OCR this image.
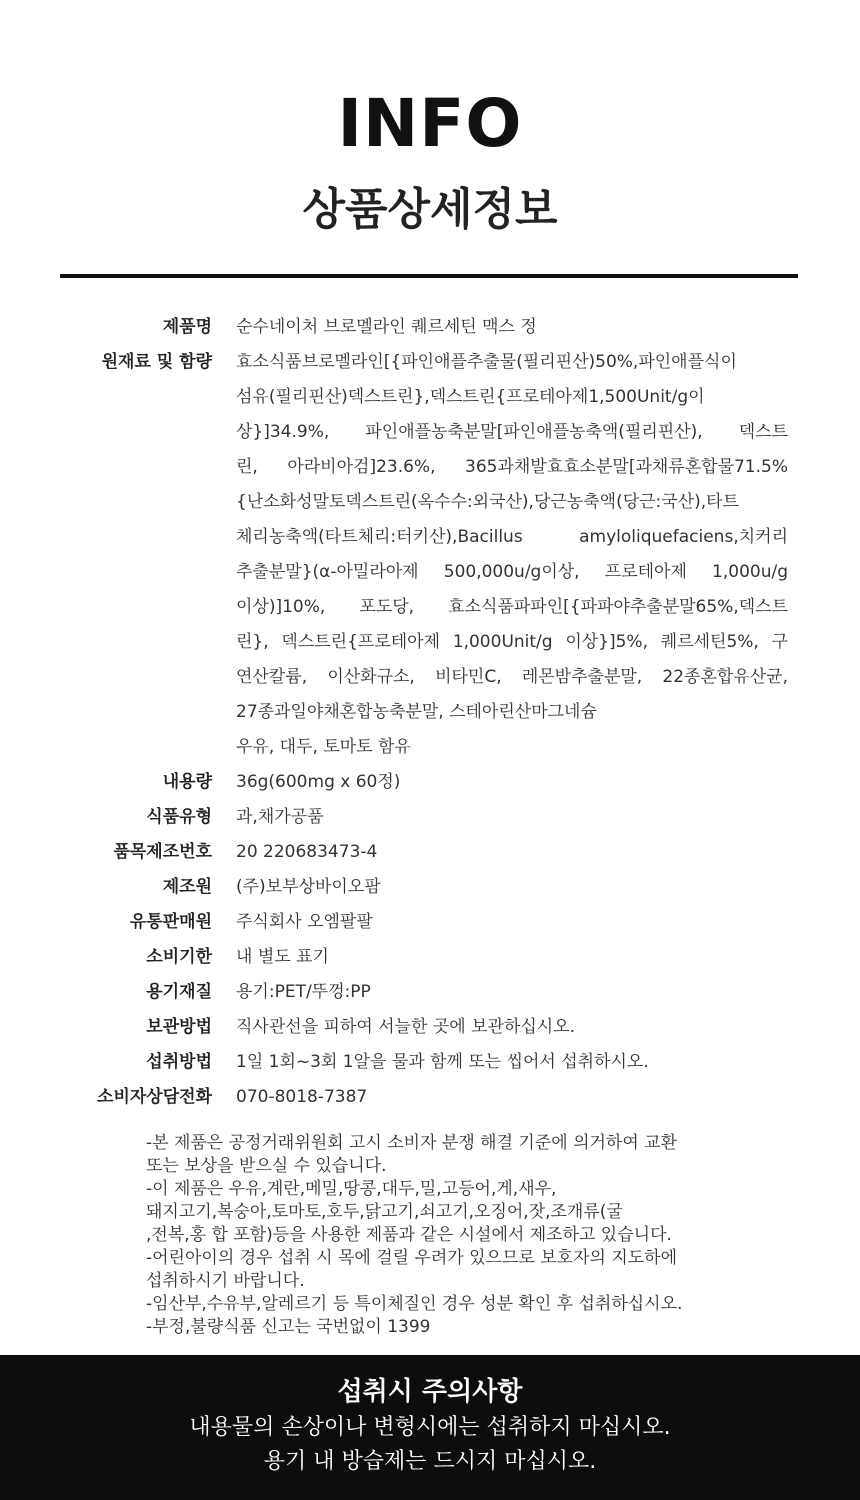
INFO
상품상세정보
제품명 순수네이처 브로멜라인 퀘르세틴 맥스 정
원재료 및 함량 효소식품브로멜라인[{파인애플추출물(필리핀산)50%,파인애플식이
섬유(필리핀산)덱스트린},덱스트린{프로테아제1,500Unit/g이
상}]34.9%, 파인애플농축분말[파인애플농축액(필리핀산), 덱스트
린, 아라비아검]23.6%, 365과채발효효소분말[과채류혼합물71.5%
{난소화성말토덱스트린(옥수수:외국산),당근농축액(당근:국산),타트
체리농축액(타트체리:터키산),Bacillus amyloliquefaciens,치커리
추출분말}(α-아밀라아제 500,000u/g이상, 프로테아제 1,000u/g
이상)]10%, 포도당, 효소식품파파인[{파파야추출분말65%,덱스트
린}, 덱스트린{프로테아제 1,000Unit/g 이상}]5%, 퀘르세틴5%, 구
연산칼륨, 이산화규소, 비타민C, 레몬밤추출분말, 22종혼합유산균,
27종과일야채혼합농축분말, 스테아린산마그네슘
우유, 대두, 토마토 함유
내용량 36g(600mg x 60정)
식품유형 과,채가공품
품목제조번호 20 220683473-4
제조원 (주)보부상바이오팜
유통판매원 주식회사 오엠팔팔
소비기한 내 별도 표기
용기재질 용기:PET/뚜껑:PP
보관방법 직사관선을 피하여 서늘한 곳에 보관하십시오.
섭취방법 1일 1회~3회 1알을 물과 함께 또는 씹어서 섭취하시오.
소비자상담전화 070-8018-7387
-본 제품은 공정거래위원회 고시 소비자 분쟁 해결 기준에 의거하여 교환
또는 보상을 받으실 수 있습니다.
-이 제품은 우유,계란,메밀,땅콩,대두,밀,고등어,게,새우,
돼지고기,복숭아,토마토,호두,닭고기,쇠고기,오징어,잣,조개류(굴
,전복,홍 합 포함)등을 사용한 제품과 같은 시설에서 제조하고 있습니다.
-어린아이의 경우 섭취 시 목에 걸릴 우려가 있으므로 보호자의 지도하에
섭취하시기 바랍니다.
-임산부,수유부,알레르기 등 특이체질인 경우 성분 확인 후 섭취하십시오.
-부정,불량식품 신고는 국번없이 1399
섭취시 주의사항
내용물의 손상이나 변형시에는 섭취하지 마십시오.
용기 내 방습제는 드시지 마십시오.
